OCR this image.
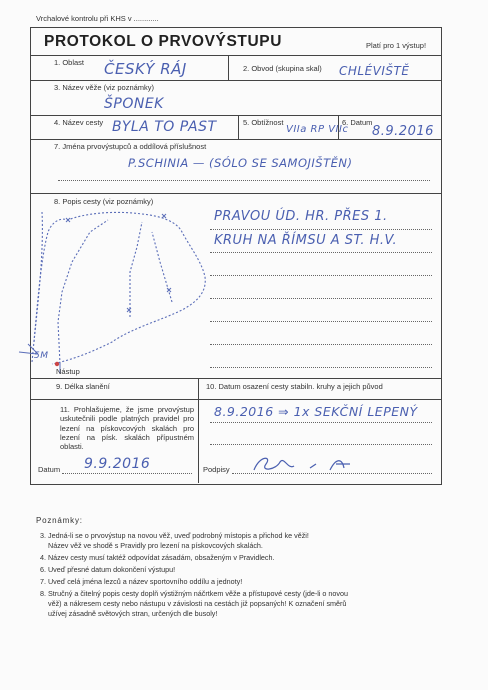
Vrchalové kontrolu při KHS v ............
PROTOKOL O PRVOVÝSTUPU	Platí pro 1 výstup!
1. Oblast ČESKÝ RÁJ	2. Obvod (skupina skal) CHLÉVIŠTĚ
3. Název věže (viz poznámky)
ŠPONEK
4. Název cesty BYLA TO PAST	5. Obtížnost
VIIa RP VIIc
6. Datum
8.9.2016
7. Jména prvovýstupců a oddílová příslušnost
P.SCHINIA — (SÓLO SE SAMOJIŠTĚN)
8. Popis cesty (viz poznámky)
PRAVOU ÚD. HR. PŘES 1.
KRUH NA ŘÍMSU A ST. H.V.
5M
Nástup
9. Délka slanění	10. Datum osazení cesty stabiln. kruhy a jejich původ
8.9.2016 ⇒ 1x SEKČNÍ LEPENÝ
11. Prohlašujeme, že jsme prvovýstup uskutečnili podle platných pravidel pro lezení na pískovcových skalách pro lezení na písk. skalách přípustném oblasti.
Datum 9.9.2016	Podpisy
Poznámky:
3. Jedná-li se o prvovýstup na novou věž, uveď podrobný místopis a přichod ke věži!
Název věž ve shodě s Pravidly pro lezení na pískovcových skalách.
4. Název cesty musí taktéž odpovídat zásadám, obsaženým v Pravidlech.
6. Uveď přesné datum dokončení výstupu!
7. Uveď celá jména lezců a název sportovního oddílu a jednoty!
8. Stručný a čitelný popis cesty doplň výstižným náčrtkem věže a přístupové cesty (jde-li o novou
věž) a nákresem cesty nebo nástupu v závislosti na cestách již popsaných! K označení směrů
užívej zásadně světových stran, určených dle busoly!
